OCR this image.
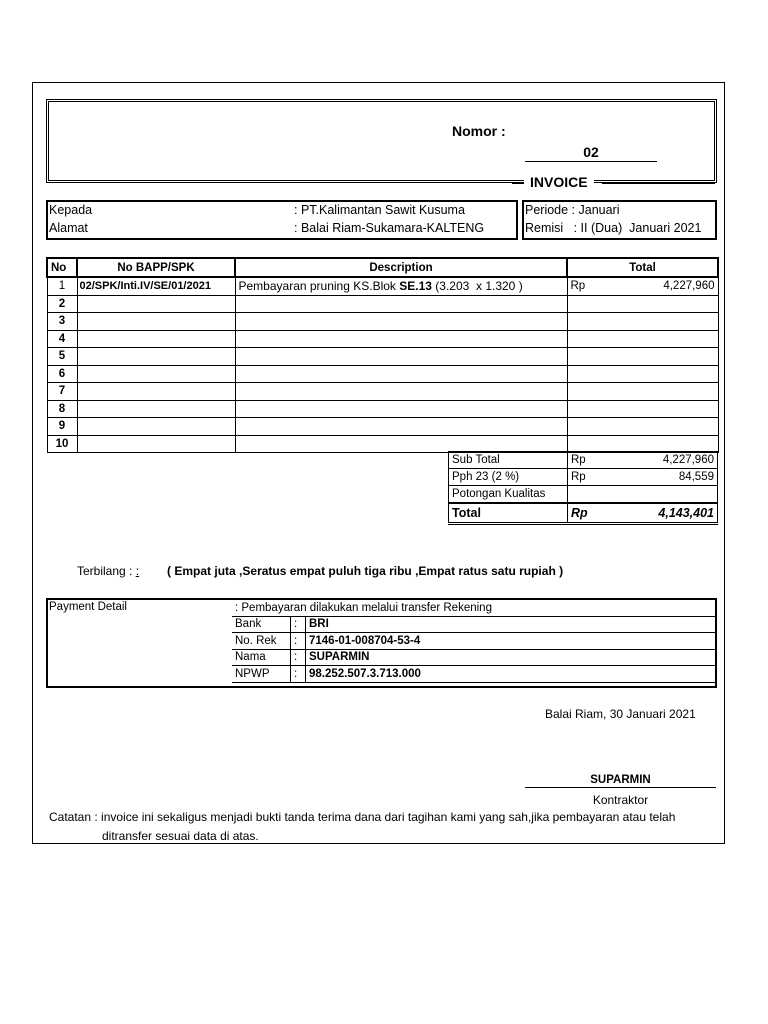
Nomor :
02
INVOICE
Kepada	: PT.Kalimantan Sawit Kusuma
Alamat	: Balai Riam-Sukamara-KALTENG
Periode : Januari
Remisi   : II (Dua)  Januari 2021
No	No BAPP/SPK	Description	Total
1	02/SPK/Inti.IV/SE/01/2021	Pembayaran pruning KS.Blok SE.13 (3.203  x 1.320 )	Rp 4,227,960

2			
3			
4			
5			
6			
7			
8			
9			
10			
Sub Total	Rp 4,227,960

Pph 23 (2 %)	Rp 84,559

Potongan Kualitas	
Total	Rp 4,143,401
Terbilang : : ( Empat juta ,Seratus empat puluh tiga ribu ,Empat ratus satu rupiah )
Payment Detail	: Pembayaran dilakukan melalui transfer Rekening		
Bank	:	BRI
No. Rek	:	7146-01-008704-53-4
Nama	:	SUPARMIN
NPWP	:	98.252.507.3.713.000
Balai Riam, 30 Januari 2021
SUPARMIN
Kontraktor
Catatan : invoice ini sekaligus menjadi bukti tanda terima dana dari tagihan kami yang sah,jika pembayaran atau telah
ditransfer sesuai data di atas.
